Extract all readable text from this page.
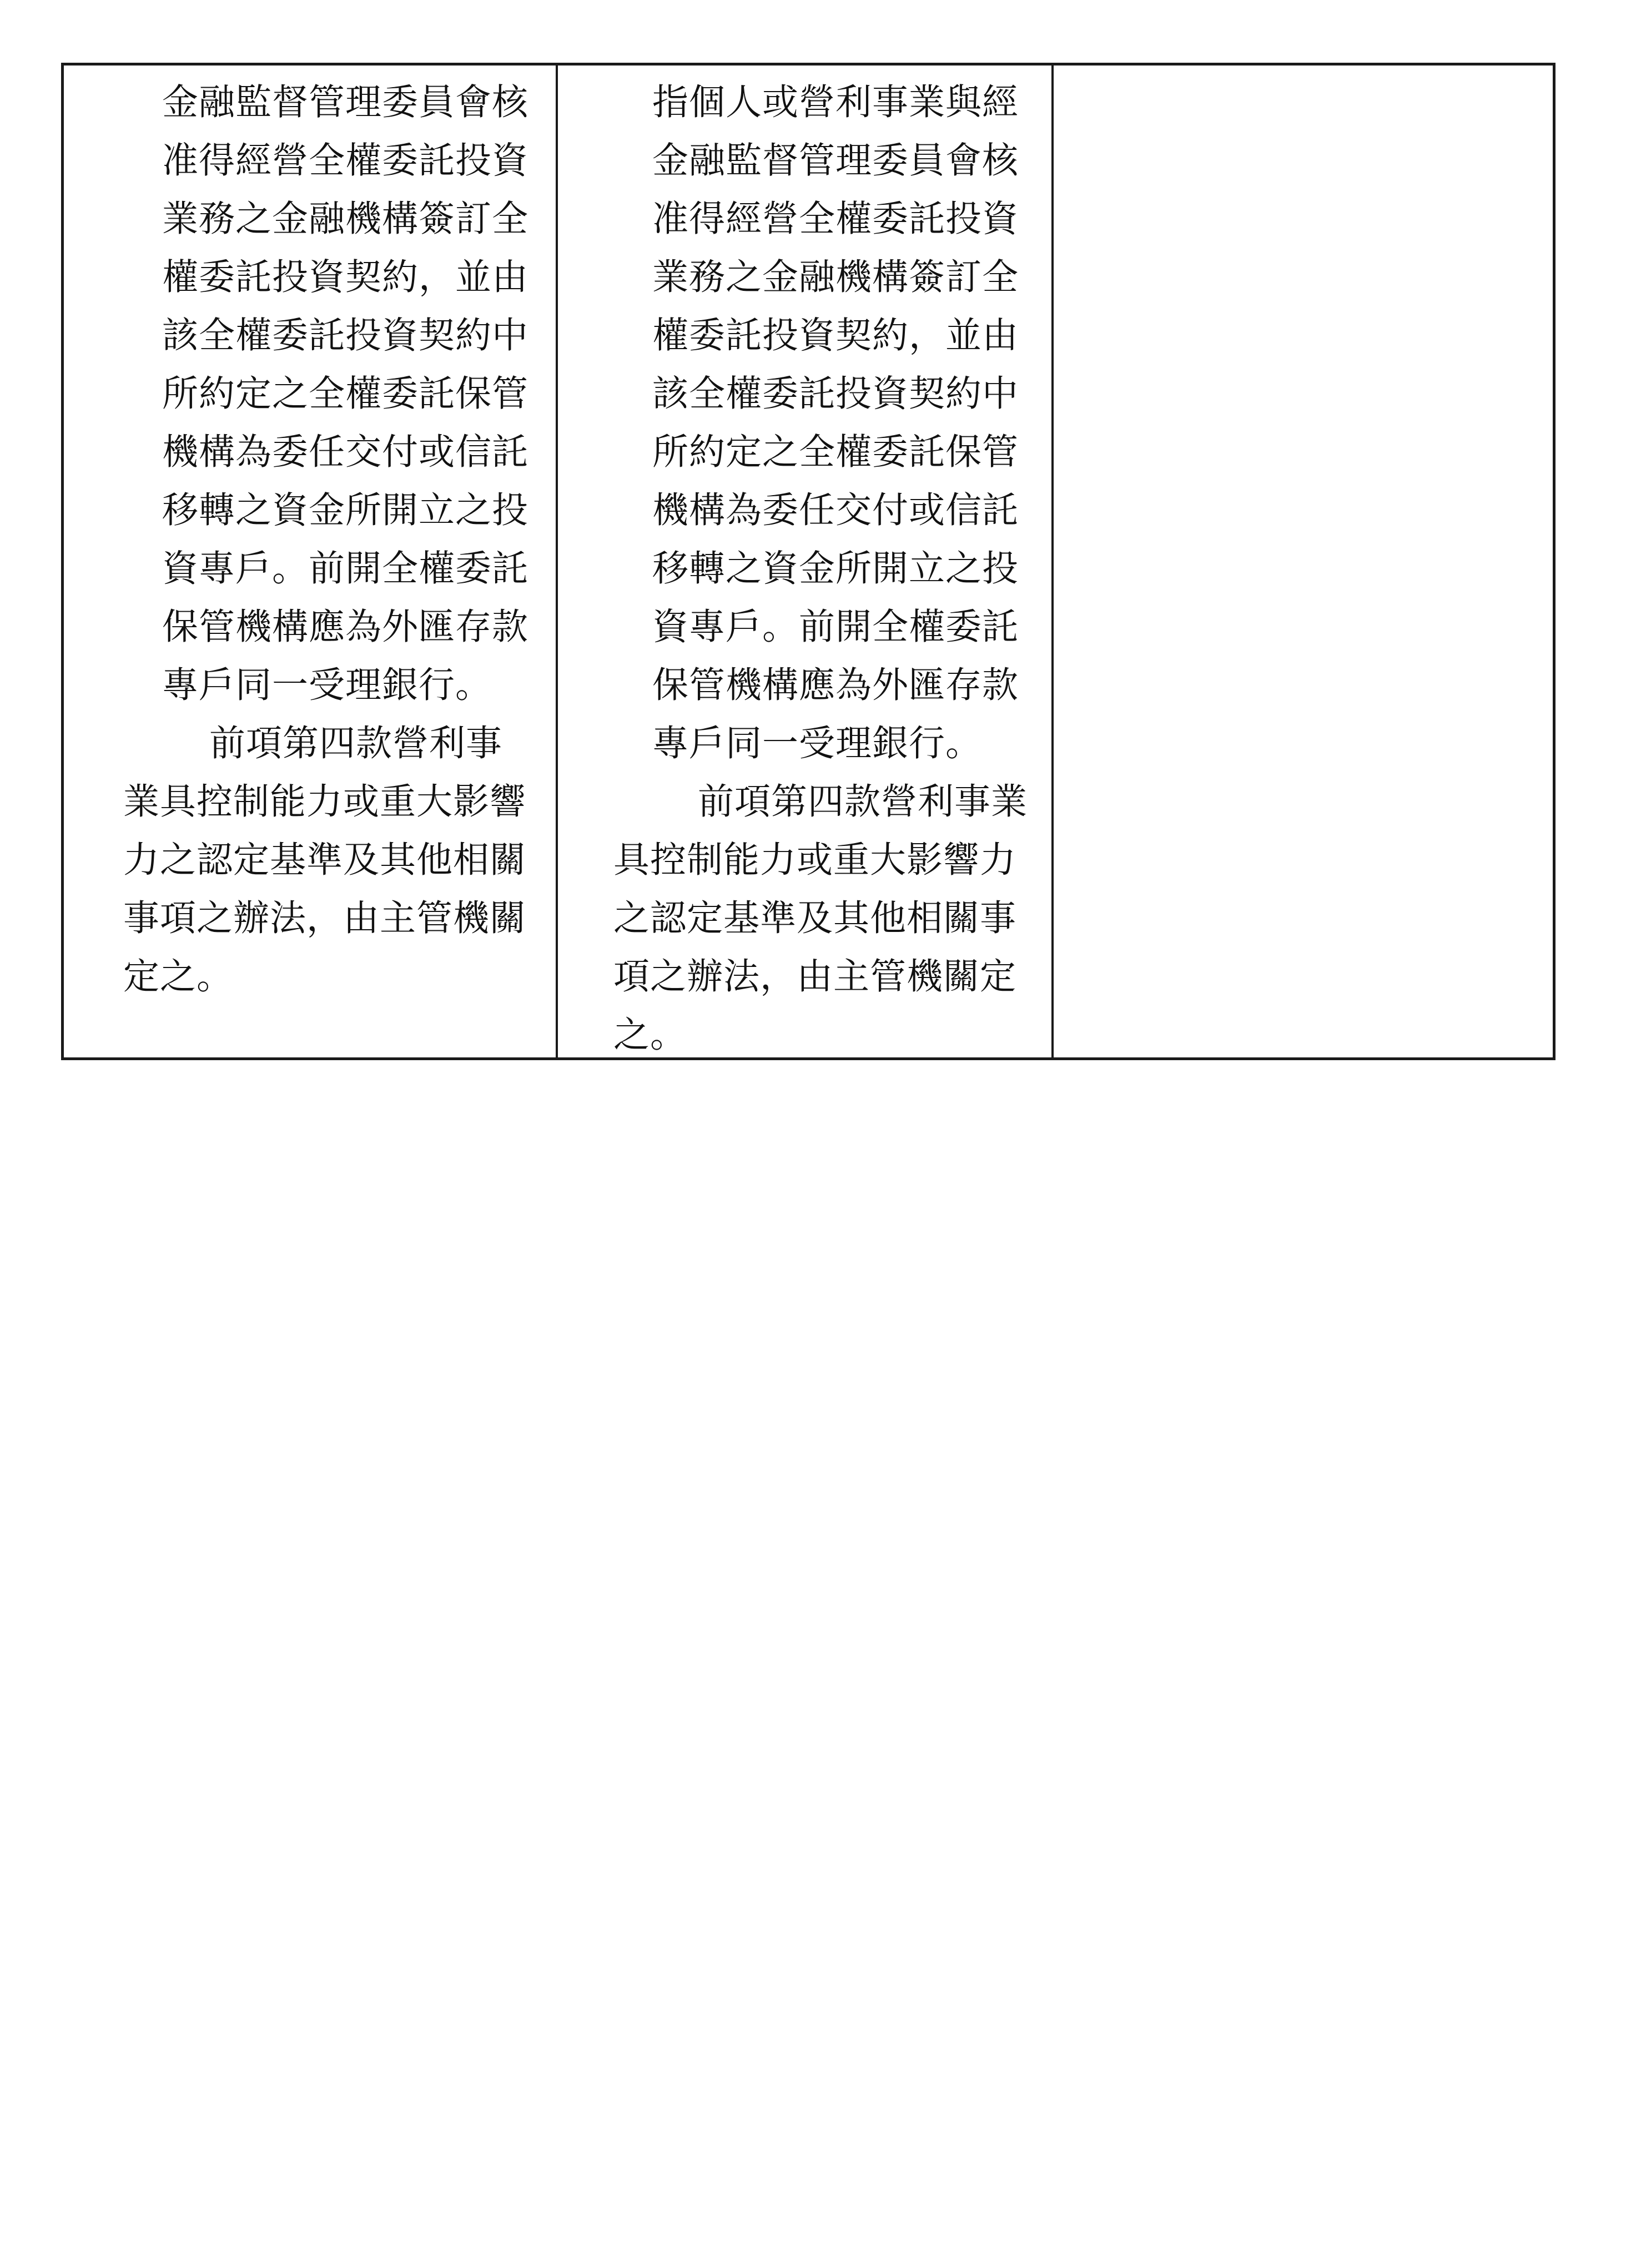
金融監督管理委員會核
准得經營全權委託投資
業務之金融機構簽訂全
權委託投資契約，並由
該全權委託投資契約中
所約定之全權委託保管
機構為委任交付或信託
移轉之資金所開立之投
資專戶。前開全權委託
保管機構應為外匯存款
專戶同一受理銀行。
前項第四款營利事
業具控制能力或重大影響
力之認定基準及其他相關
事項之辦法，由主管機關
定之。
指個人或營利事業與經
金融監督管理委員會核
准得經營全權委託投資
業務之金融機構簽訂全
權委託投資契約，並由
該全權委託投資契約中
所約定之全權委託保管
機構為委任交付或信託
移轉之資金所開立之投
資專戶。前開全權委託
保管機構應為外匯存款
專戶同一受理銀行。
前項第四款營利事業
具控制能力或重大影響力
之認定基準及其他相關事
項之辦法，由主管機關定
之。
